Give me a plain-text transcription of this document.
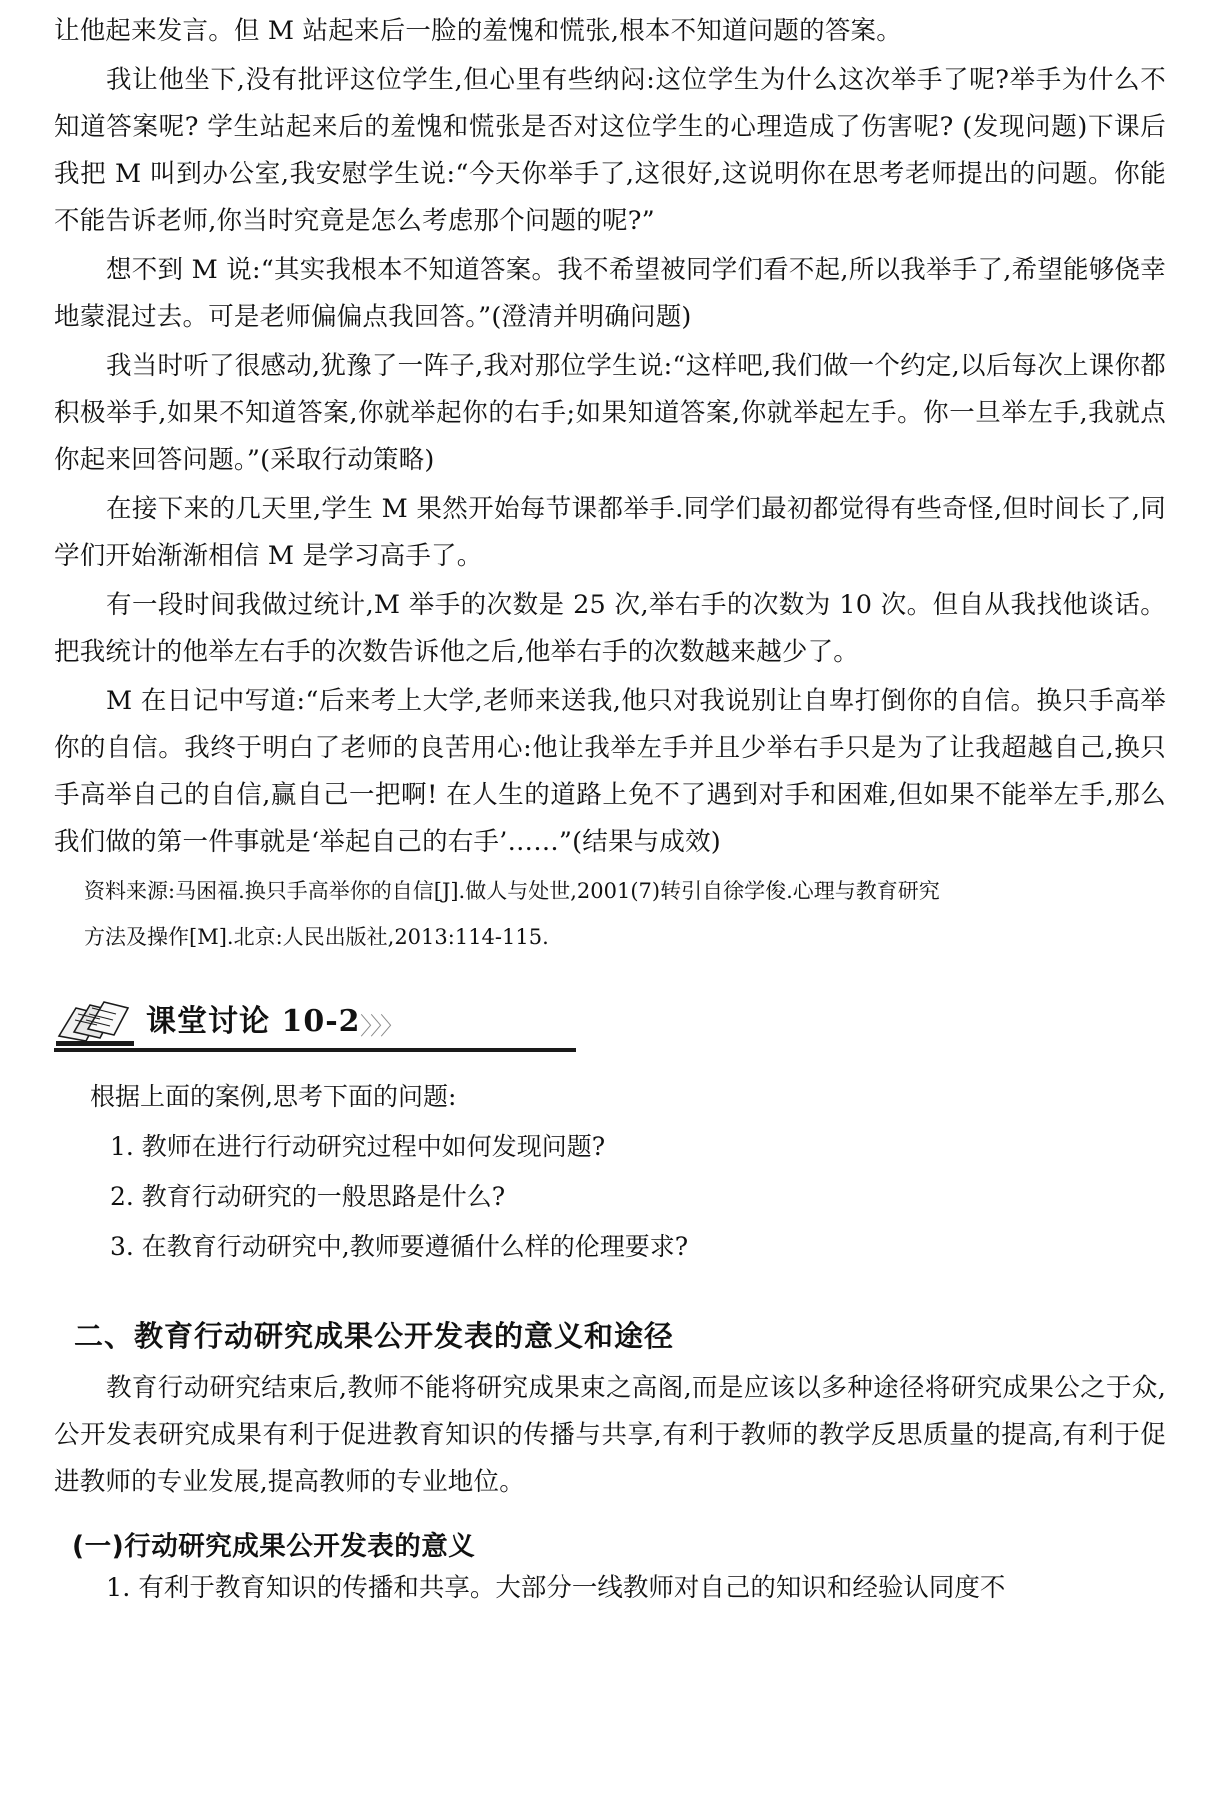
让他起来发言。但 M 站起来后一脸的羞愧和慌张,根本不知道问题的答案。

我让他坐下,没有批评这位学生,但心里有些纳闷:这位学生为什么这次举手了呢?举手为什么不知道答案呢? 学生站起来后的羞愧和慌张是否对这位学生的心理造成了伤害呢? (发现问题)下课后我把 M 叫到办公室,我安慰学生说:“今天你举手了,这很好,这说明你在思考老师提出的问题。你能不能告诉老师,你当时究竟是怎么考虑那个问题的呢?”

想不到 M 说:“其实我根本不知道答案。我不希望被同学们看不起,所以我举手了,希望能够侥幸地蒙混过去。可是老师偏偏点我回答。”(澄清并明确问题)

我当时听了很感动,犹豫了一阵子,我对那位学生说:“这样吧,我们做一个约定,以后每次上课你都积极举手,如果不知道答案,你就举起你的右手;如果知道答案,你就举起左手。你一旦举左手,我就点你起来回答问题。”(采取行动策略)

在接下来的几天里,学生 M 果然开始每节课都举手.同学们最初都觉得有些奇怪,但时间长了,同学们开始渐渐相信 M 是学习高手了。

有一段时间我做过统计,M 举手的次数是 25 次,举右手的次数为 10 次。但自从我找他谈话。把我统计的他举左右手的次数告诉他之后,他举右手的次数越来越少了。

M 在日记中写道:“后来考上大学,老师来送我,他只对我说别让自卑打倒你的自信。换只手高举你的自信。我终于明白了老师的良苦用心:他让我举左手并且少举右手只是为了让我超越自己,换只手高举自己的自信,赢自己一把啊! 在人生的道路上免不了遇到对手和困难,但如果不能举左手,那么我们做的第一件事就是‘举起自己的右手’……”(结果与成效)

资料来源:马困福.换只手高举你的自信[J].做人与处世,2001(7)转引自徐学俊.心理与教育研究

方法及操作[M].北京:人民出版社,2013:114-115.

课堂讨论 10-2 〉〉〉

根据上面的案例,思考下面的问题:

1. 教师在进行行动研究过程中如何发现问题?

2. 教育行动研究的一般思路是什么?

3. 在教育行动研究中,教师要遵循什么样的伦理要求?

二、教育行动研究成果公开发表的意义和途径

教育行动研究结束后,教师不能将研究成果束之高阁,而是应该以多种途径将研究成果公之于众,公开发表研究成果有利于促进教育知识的传播与共享,有利于教师的教学反思质量的提高,有利于促进教师的专业发展,提高教师的专业地位。

(一)行动研究成果公开发表的意义

1. 有利于教育知识的传播和共享。大部分一线教师对自己的知识和经验认同度不
